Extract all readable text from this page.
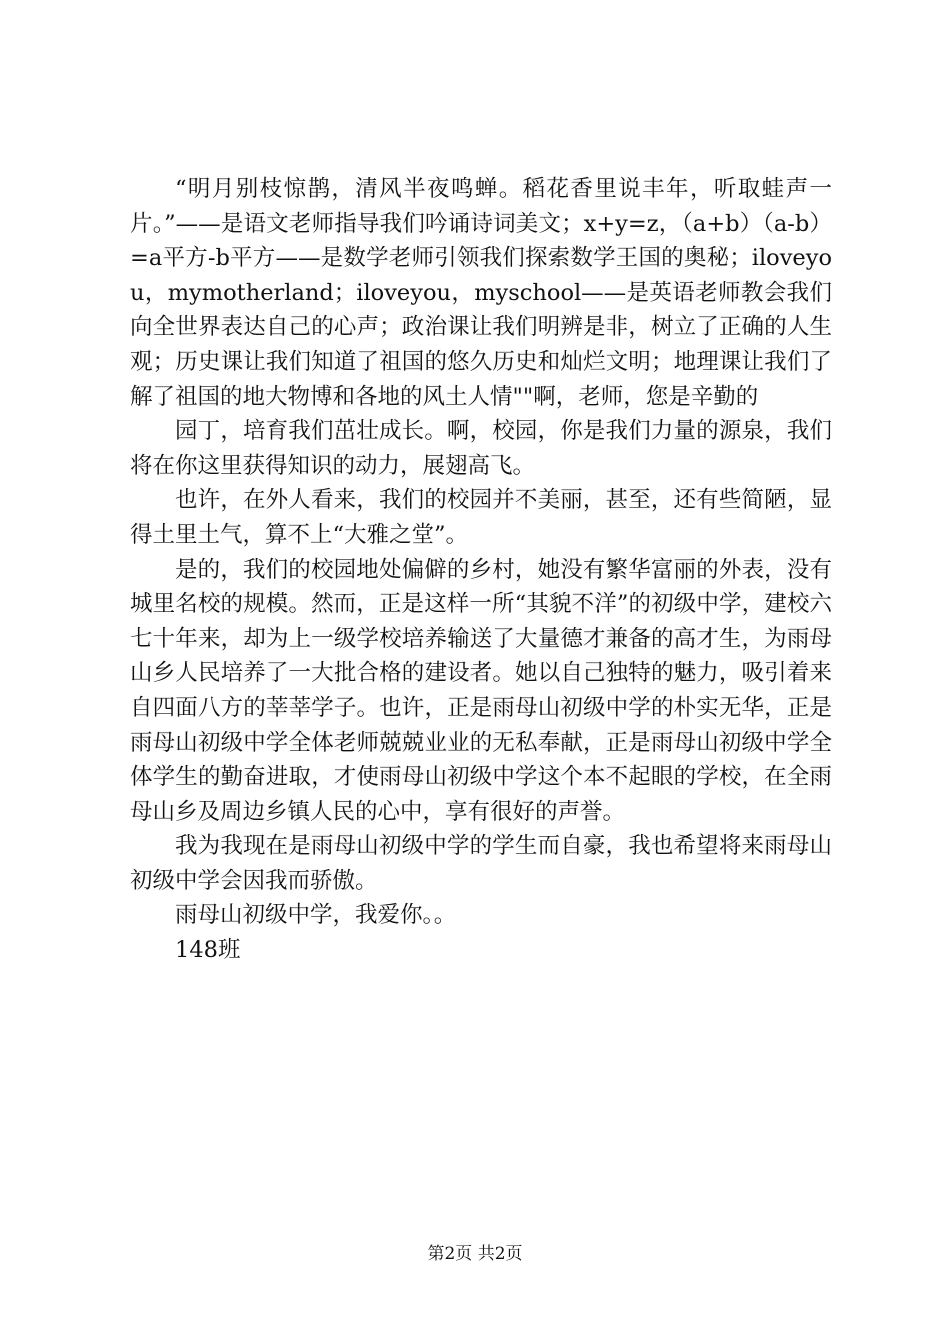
“明月别枝惊鹊，清风半夜鸣蝉。稻花香里说丰年，听取蛙声一片。”——是语文老师指导我们吟诵诗词美文；x+y=z，（a+b）（a-b）=a平方-b平方——是数学老师引领我们探索数学王国的奥秘；iloveyou，mymotherland；iloveyou，myschool——是英语老师教会我们向全世界表达自己的心声；政治课让我们明辨是非，树立了正确的人生观；历史课让我们知道了祖国的悠久历史和灿烂文明；地理课让我们了解了祖国的地大物博和各地的风土人情""啊，老师，您是辛勤的

园丁，培育我们茁壮成长。啊，校园，你是我们力量的源泉，我们将在你这里获得知识的动力，展翅高飞。

也许，在外人看来，我们的校园并不美丽，甚至，还有些简陋，显得土里土气，算不上“大雅之堂”。

是的，我们的校园地处偏僻的乡村，她没有繁华富丽的外表，没有城里名校的规模。然而，正是这样一所“其貌不洋”的初级中学，建校六七十年来，却为上一级学校培养输送了大量德才兼备的高才生，为雨母山乡人民培养了一大批合格的建设者。她以自己独特的魅力，吸引着来自四面八方的莘莘学子。也许，正是雨母山初级中学的朴实无华，正是雨母山初级中学全体老师兢兢业业的无私奉献，正是雨母山初级中学全体学生的勤奋进取，才使雨母山初级中学这个本不起眼的学校，在全雨母山乡及周边乡镇人民的心中，享有很好的声誉。

我为我现在是雨母山初级中学的学生而自豪，我也希望将来雨母山初级中学会因我而骄傲。

雨母山初级中学，我爱你。。

148班

第2页 共2页
